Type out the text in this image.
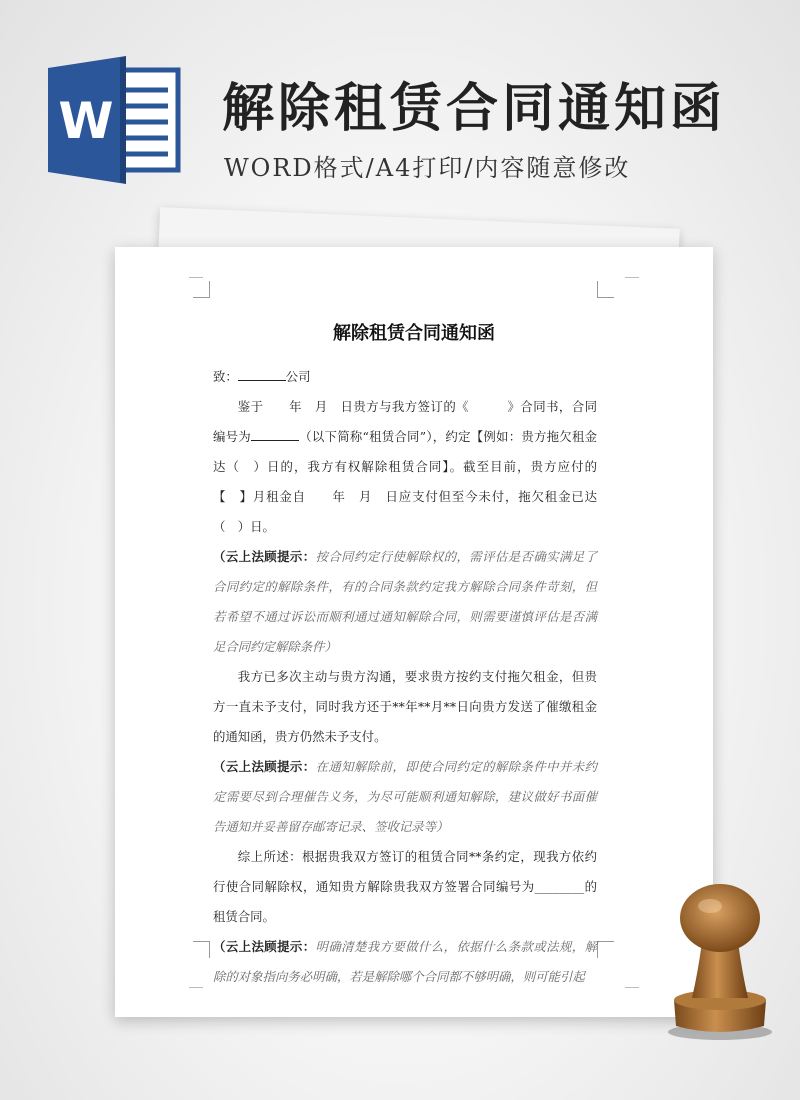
W 解除租赁合同通知函
WORD格式/A4打印/内容随意修改
解除租赁合同通知函

致：	公司

鉴于　　年　月　日贵方与我方签订的《　　　》合同书，合同编号为	（以下简称“租赁合同”），约定【例如：贵方拖欠租金达（　）日的，我方有权解除租赁合同】。截至目前，贵方应付的【　】月租金自　　年　月　日应支付但至今未付，拖欠租金已达（　）日。

（云上法顾提示：按合同约定行使解除权的，需评估是否确实满足了合同约定的解除条件，有的合同条款约定我方解除合同条件苛刻，但若希望不通过诉讼而顺利通过通知解除合同，则需要谨慎评估是否满足合同约定解除条件）

我方已多次主动与贵方沟通，要求贵方按约支付拖欠租金，但贵方一直未予支付，同时我方还于**年**月**日向贵方发送了催缴租金的通知函，贵方仍然未予支付。

（云上法顾提示：在通知解除前，即使合同约定的解除条件中并未约定需要尽到合理催告义务，为尽可能顺利通知解除，建议做好书面催告通知并妥善留存邮寄记录、签收记录等）

综上所述：根据贵我双方签订的租赁合同**条约定，现我方依约行使合同解除权，通知贵方解除贵我双方签署合同编号为________的租赁合同。

（云上法顾提示：明确清楚我方要做什么，依据什么条款或法规，解除的对象指向务必明确，若是解除哪个合同都不够明确，则可能引起
